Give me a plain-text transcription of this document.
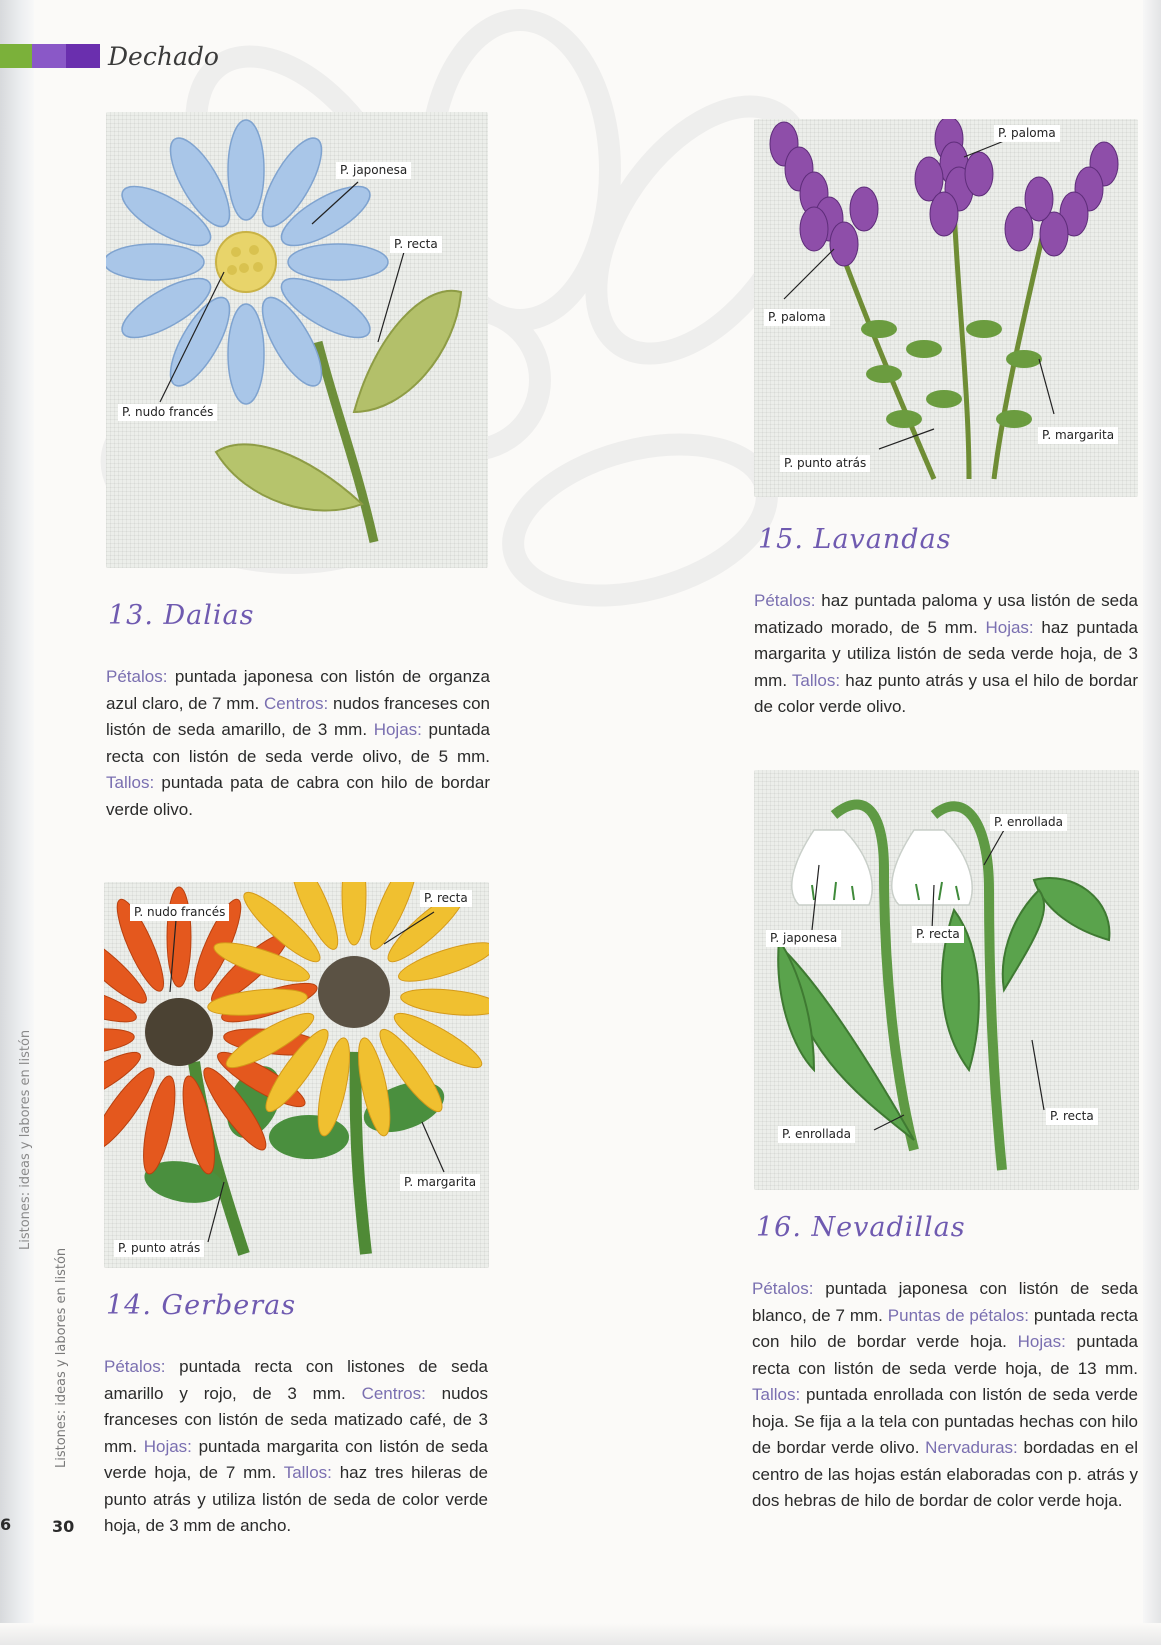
Dechado
Listones: ideas y labores en listón
Listones: ideas y labores en listón
6	30
P. japonesa
P. recta
P. nudo francés
P. nudo francés
P. recta
P. margarita
P. punto atrás
P. paloma
P. paloma
P. margarita
P. punto atrás
P. enrollada
P. japonesa	P. recta
P. recta
P. enrollada
13. Dalias
14. Gerberas
15. Lavandas
16. Nevadillas
Pétalos: puntada japonesa con listón de organza azul claro, de 7 mm. Centros: nudos franceses con listón de seda amarillo, de 3 mm. Hojas: puntada recta con listón de seda verde olivo, de 5 mm. Tallos: puntada pata de cabra con hilo de bordar verde olivo.
Pétalos: puntada recta con listones de seda amarillo y rojo, de 3 mm. Centros: nudos franceses con listón de seda matizado café, de 3 mm. Hojas: puntada margarita con listón de seda verde hoja, de 7 mm. Tallos: haz tres hileras de punto atrás y utiliza listón de seda de color verde hoja, de 3 mm de ancho.
Pétalos: haz puntada paloma y usa listón de seda matizado morado, de 5 mm. Hojas: haz puntada margarita y utiliza listón de seda verde hoja, de 3 mm. Tallos: haz punto atrás y usa el hilo de bordar de color verde olivo.
Pétalos: puntada japonesa con listón de seda blanco, de 7 mm. Puntas de pétalos: puntada recta con hilo de bordar verde hoja. Hojas: puntada recta con listón de seda verde hoja, de 13 mm. Tallos: puntada enrollada con listón de seda verde hoja. Se fija a la tela con puntadas hechas con hilo de bordar verde olivo. Nervaduras: bordadas en el centro de las hojas están elaboradas con p. atrás y dos hebras de hilo de bordar de color verde hoja.
